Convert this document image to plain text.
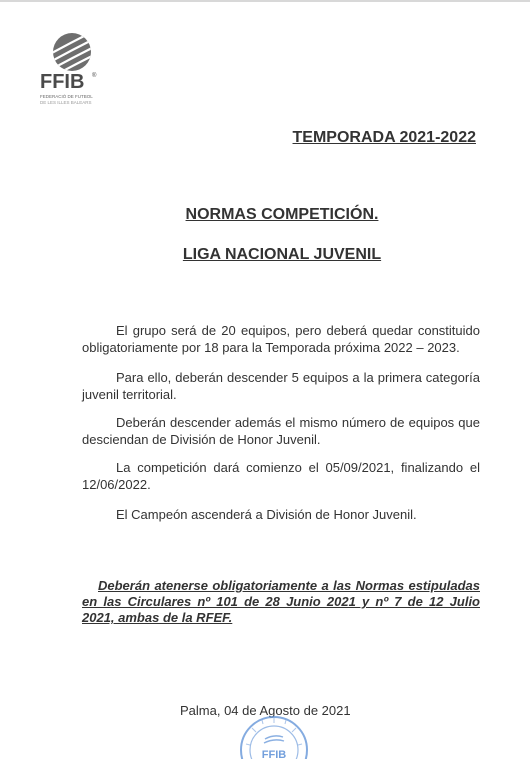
FFIB ®
FEDERACIÓ DE FUTBOL
DE LES ILLES BALEARS
TEMPORADA 2021-2022
NORMAS COMPETICIÓN.
LIGA NACIONAL JUVENIL

El grupo será de 20 equipos, pero deberá quedar constituido obligatoriamente por 18 para la Temporada próxima 2022 – 2023.

Para ello, deberán descender 5 equipos a la primera categoría juvenil territorial.

Deberán descender además el mismo número de equipos que desciendan de División de Honor Juvenil.

La competición dará comienzo el 05/09/2021, finalizando el 12/06/2022.

El Campeón ascenderá a División de Honor Juvenil.

Deberán atenerse obligatoriamente a las Normas estipuladas en las Circulares nº 101 de 28 Junio 2021 y nº 7 de 12 Julio 2021, ambas de la RFEF.

Palma, 04 de Agosto de 2021
FFIB
